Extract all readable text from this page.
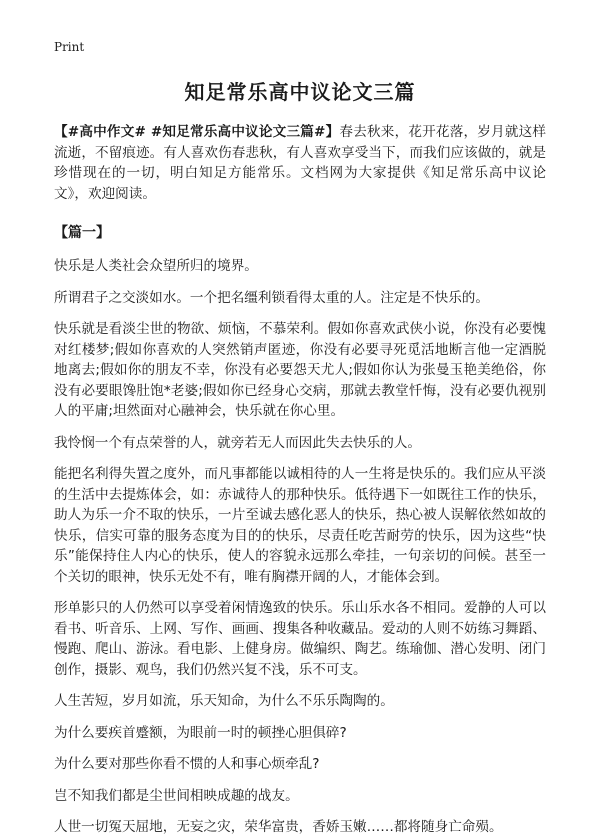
Print
知足常乐高中议论文三篇

【#高中作文# #知足常乐高中议论文三篇#】春去秋来，花开花落，岁月就这样流逝，不留痕迹。有人喜欢伤春悲秋，有人喜欢享受当下，而我们应该做的，就是珍惜现在的一切，明白知足方能常乐。文档网为大家提供《知足常乐高中议论文》，欢迎阅读。

【篇一】

快乐是人类社会众望所归的境界。

所谓君子之交淡如水。一个把名缰利锁看得太重的人。注定是不快乐的。

快乐就是看淡尘世的物欲、烦恼，不慕荣利。假如你喜欢武侠小说，你没有必要愧对红楼梦;假如你喜欢的人突然销声匿迹，你没有必要寻死觅活地断言他一定酒脱地离去;假如你的朋友不幸，你没有必要怨天尤人;假如你认为张曼玉艳美绝俗，你没有必要眼馋肚饱*老婆;假如你已经身心交病，那就去教堂忏悔，没有必要仇视别人的平庸;坦然面对心融神会，快乐就在你心里。

我怜悯一个有点荣誉的人，就旁若无人而因此失去快乐的人。

能把名利得失置之度外，而凡事都能以诚相待的人一生将是快乐的。我们应从平淡的生活中去提炼体会，如：赤诚待人的那种快乐。低待遇下一如既往工作的快乐，助人为乐一介不取的快乐，一片至诚去感化恶人的快乐，热心被人误解依然如故的快乐，信实可靠的服务态度为目的的快乐，尽责任吃苦耐劳的快乐，因为这些“快乐”能保持住人内心的快乐，使人的容貌永远那么牵挂，一句亲切的问候。甚至一个关切的眼神，快乐无处不有，唯有胸襟开阔的人，才能体会到。

形单影只的人仍然可以享受着闲情逸致的快乐。乐山乐水各不相同。爱静的人可以看书、听音乐、上网、写作、画画、搜集各种收藏品。爱动的人则不妨练习舞蹈、慢跑、爬山、游泳。看电影、上健身房。做编织、陶艺。练瑜伽、潜心发明、闭门创作，摄影、观鸟，我们仍然兴复不浅，乐不可支。

人生苦短，岁月如流，乐天知命，为什么不乐乐陶陶的。

为什么要疾首蹙额，为眼前一时的顿挫心胆俱碎?

为什么要对那些你看不惯的人和事心烦牵乱?

岂不知我们都是尘世间相映成趣的战友。

人世一切冤天屈地，无妄之灾，荣华富贵，香娇玉嫩……都将随身亡命殒。
